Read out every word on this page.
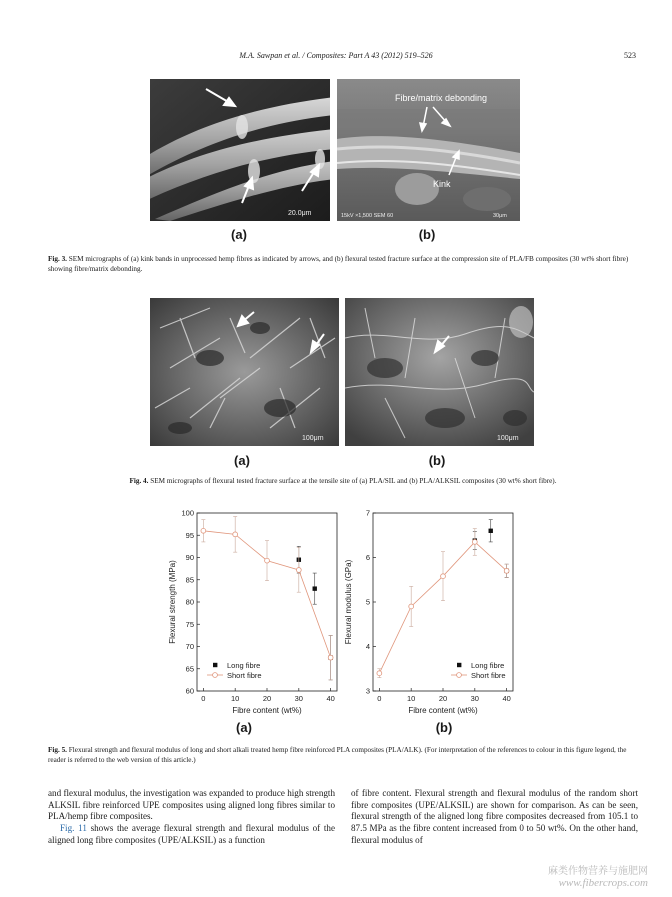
M.A. Sawpan et al. / Composites: Part A 43 (2012) 519–526	523
20.0μm
Fibre/matrix debonding
Kink
15kV ×1,500 SEM 60	30μm
(a)	(b)
Fig. 3. SEM micrographs of (a) kink bands in unprocessed hemp fibres as indicated by arrows, and (b) flexural tested fracture surface at the compression site of PLA/FB composites (30 wt% short fibre) showing fibre/matrix debonding.
100μm	100μm
(a)	(b)
Fig. 4. SEM micrographs of flexural tested fracture surface at the tensile site of (a) PLA/SIL and (b) PLA/ALKSIL composites (30 wt% short fibre).
0	10	20	30	40
60
65
70
75
80
85
90
95
100
Fibre content (wt%)
Flexural strength (MPa)
Long fibre
Short fibre
0	10	20	30	40
3
4
5
6
7
Fibre content (wt%)
Flexural modulus (GPa)
Long fibre
Short fibre
(a)	(b)
Fig. 5. Flexural strength and flexural modulus of long and short alkali treated hemp fibre reinforced PLA composites (PLA/ALK). (For interpretation of the references to colour in this figure legend, the reader is referred to the web version of this article.)

and flexural modulus, the investigation was expanded to produce high strength ALKSIL fibre reinforced UPE composites using aligned long fibres similar to PLA/hemp fibre composites.

Fig. 11 shows the average flexural strength and flexural modulus of the aligned long fibre composites (UPE/ALKSIL) as a function

of fibre content. Flexural strength and flexural modulus of the random short fibre composites (UPE/ALKSIL) are shown for comparison. As can be seen, flexural strength of the aligned long fibre composites decreased from 105.1 to 87.5 MPa as the fibre content increased from 0 to 50 wt%. On the other hand, flexural modulus of

麻类作物营养与施肥网
www.fibercrops.com
